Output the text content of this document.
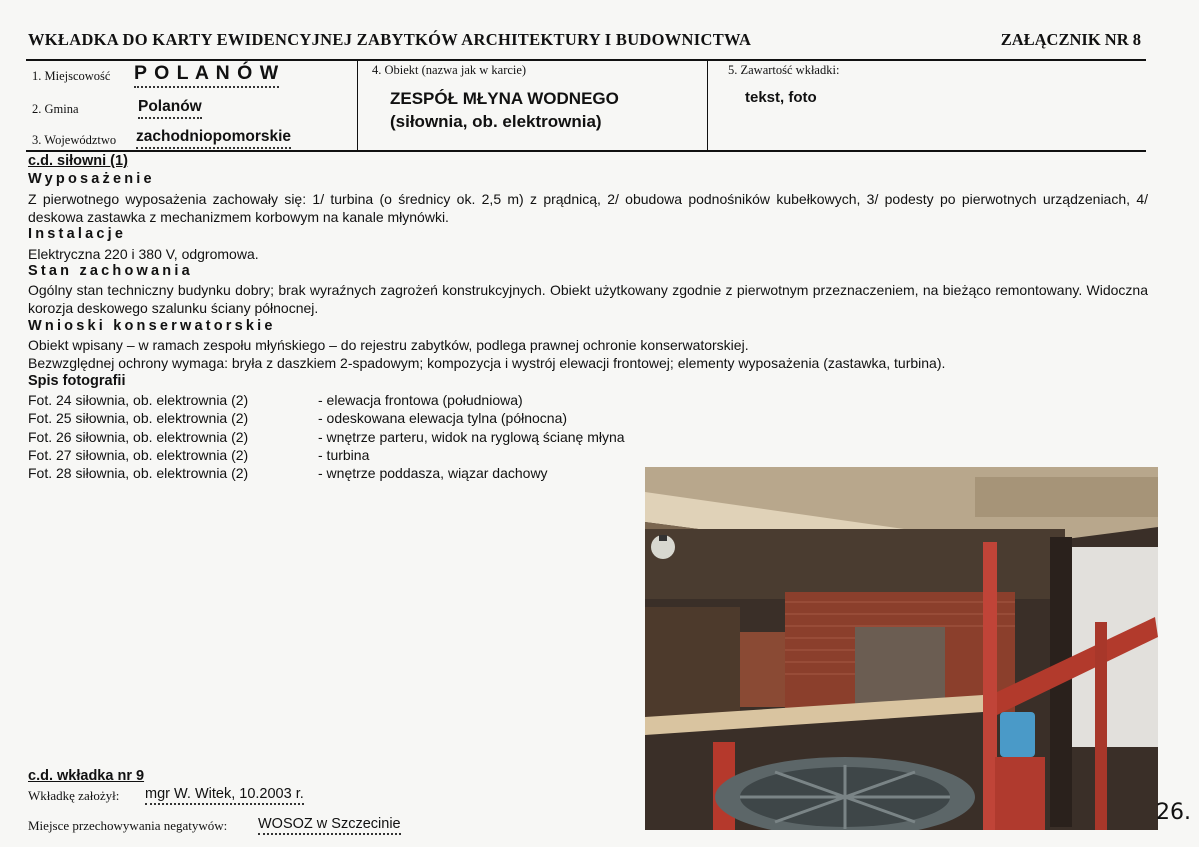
WKŁADKA DO KARTY EWIDENCYJNEJ ZABYTKÓW ARCHITEKTURY I BUDOWNICTWA	ZAŁĄCZNIK NR 8
1. Miejscowość P O L A N Ó W
2. Gmina	Polanów
3. Województwo zachodniopomorskie
4. Obiekt (nazwa jak w karcie)
ZESPÓŁ MŁYNA WODNEGO
(siłownia, ob. elektrownia)
5. Zawartość wkładki:
tekst, foto
c.d. siłowni (1)
Wyposażenie
Z pierwotnego wyposażenia zachowały się: 1/ turbina (o średnicy ok. 2,5 m) z prądnicą, 2/ obudowa podnośników kubełkowych, 3/ podesty po pierwotnych urządzeniach, 4/ deskowa zastawka z mechanizmem korbowym na kanale młynówki.
Instalacje
Elektryczna 220 i 380 V, odgromowa.
Stan zachowania
Ogólny stan techniczny budynku dobry; brak wyraźnych zagrożeń konstrukcyjnych. Obiekt użytkowany zgodnie z pierwotnym przeznaczeniem, na bieżąco remontowany. Widoczna korozja deskowego szalunku ściany północnej.
Wnioski konserwatorskie
Obiekt wpisany – w ramach zespołu młyńskiego – do rejestru zabytków, podlega prawnej ochronie konserwatorskiej.
Bezwzględnej ochrony wymaga: bryła z daszkiem 2-spadowym; kompozycja i wystrój elewacji frontowej; elementy wyposażenia (zastawka, turbina).
Spis fotografii
Fot. 24 siłownia, ob. elektrownia (2)	- elewacja frontowa (południowa)
Fot. 25 siłownia, ob. elektrownia (2)	- odeskowana elewacja tylna (północna)
Fot. 26 siłownia, ob. elektrownia (2)	- wnętrze parteru, widok na ryglową ścianę młyna
Fot. 27 siłownia, ob. elektrownia (2)	- turbina
Fot. 28 siłownia, ob. elektrownia (2)	- wnętrze poddasza, wiązar dachowy
c.d. wkładka nr 9
Wkładkę założył: mgr W. Witek, 10.2003 r.
Miejsce przechowywania negatywów: WOSOZ w Szczecinie	26.
